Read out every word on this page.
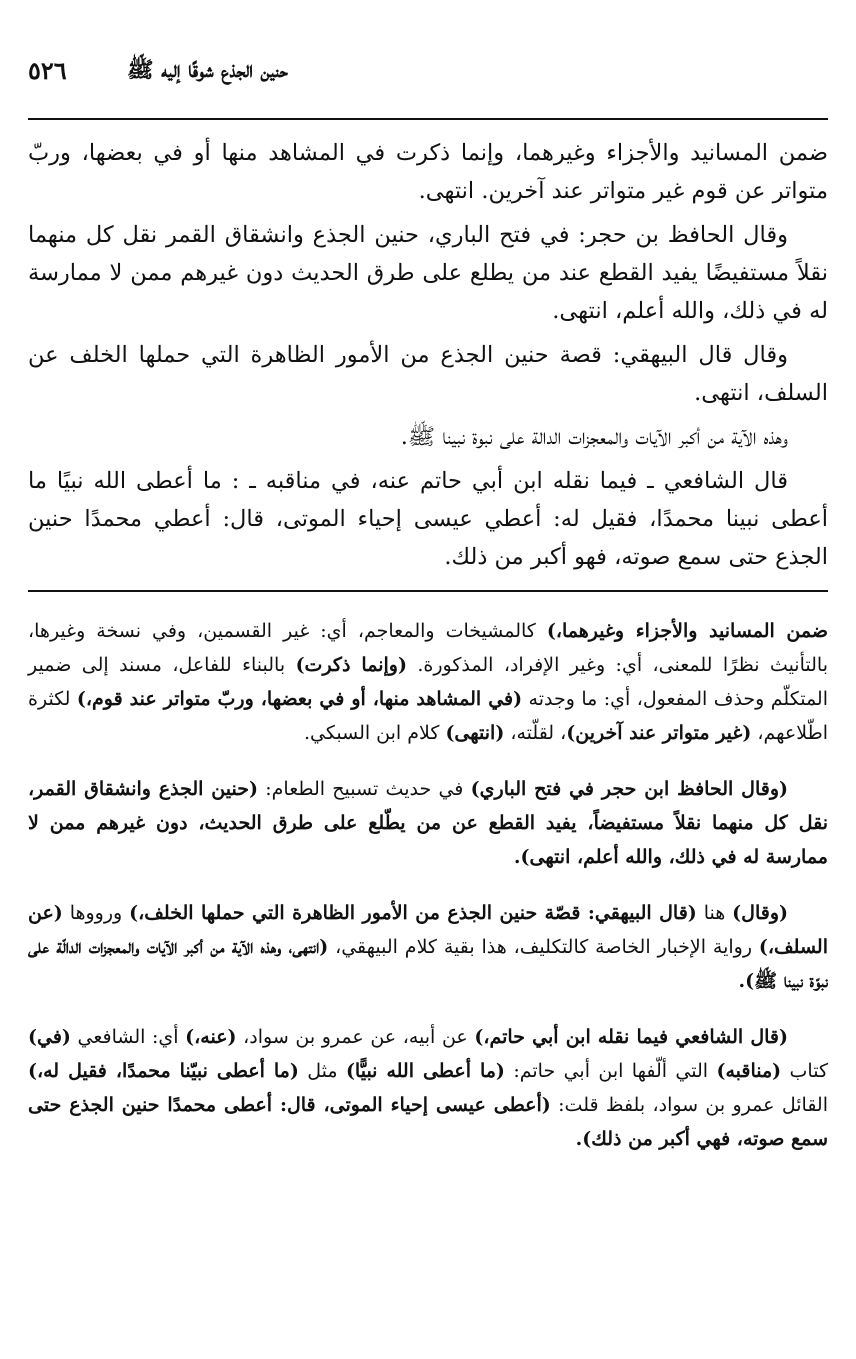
حنين الجذع شوقًا إليه ﷺ
٥٢٦

ضمن المسانيد والأجزاء وغيرهما، وإنما ذكرت في المشاهد منها أو في بعضها، وربّ متواتر عن قوم غير متواتر عند آخرين. انتهى.

وقال الحافظ بن حجر: في فتح الباري، حنين الجذع وانشقاق القمر نقل كل منهما نقلاً مستفيضًا يفيد القطع عند من يطلع على طرق الحديث دون غيرهم ممن لا ممارسة له في ذلك، والله أعلم، انتهى.

وقال قال البيهقي: قصة حنين الجذع من الأمور الظاهرة التي حملها الخلف عن السلف، انتهى.

وهذه الآية من أكبر الآيات والمعجزات الدالة على نبوة نبينا ﷺ.

قال الشافعي ـ فيما نقله ابن أبي حاتم عنه، في مناقبه ـ : ما أعطى الله نبيًا ما أعطى نبينا محمدًا، فقيل له: أعطي عيسى إحياء الموتى، قال: أعطي محمدًا حنين الجذع حتى سمع صوته، فهو أكبر من ذلك.

ضمن المسانيد والأجزاء وغيرهما،) كالمشيخات والمعاجم، أي: غير القسمين، وفي نسخة وغيرها، بالتأنيث نظرًا للمعنى، أي: وغير الإفراد، المذكورة. (وإنما ذكرت) بالبناء للفاعل، مسند إلى ضمير المتكلّم وحذف المفعول، أي: ما وجدته (في المشاهد منها، أو في بعضها، وربّ متواتر عند قوم،) لكثرة اطّلاعهم، (غير متواتر عند آخرين)، لقلّته، (انتهى) كلام ابن السبكي.

(وقال الحافظ ابن حجر في فتح الباري) في حديث تسبيح الطعام: (حنين الجذع وانشقاق القمر، نقل كل منهما نقلاً مستفيضاً، يفيد القطع عن من يطّلع على طرق الحديث، دون غيرهم ممن لا ممارسة له في ذلك، والله أعلم، انتهى).

(وقال) هنا (قال البيهقي: قصّة حنين الجذع من الأمور الظاهرة التي حملها الخلف،) ورووها (عن السلف،) رواية الإخبار الخاصة كالتكليف، هذا بقية كلام البيهقي، (انتهى، وهذه الآية من أكبر الآيات والمعجزات الدالّة على نبوّة نبينا ﷺ).

(قال الشافعي فيما نقله ابن أبي حاتم،) عن أبيه، عن عمرو بن سواد، (عنه،) أي: الشافعي (في) كتاب (مناقبه) التي ألّفها ابن أبي حاتم: (ما أعطى الله نبيًّا) مثل (ما أعطى نبيّنا محمدًا، فقيل له،) القائل عمرو بن سواد، بلفظ قلت: (أعطى عيسى إحياء الموتى، قال: أعطى محمدًا حنين الجذع حتى سمع صوته، فهي أكبر من ذلك).
